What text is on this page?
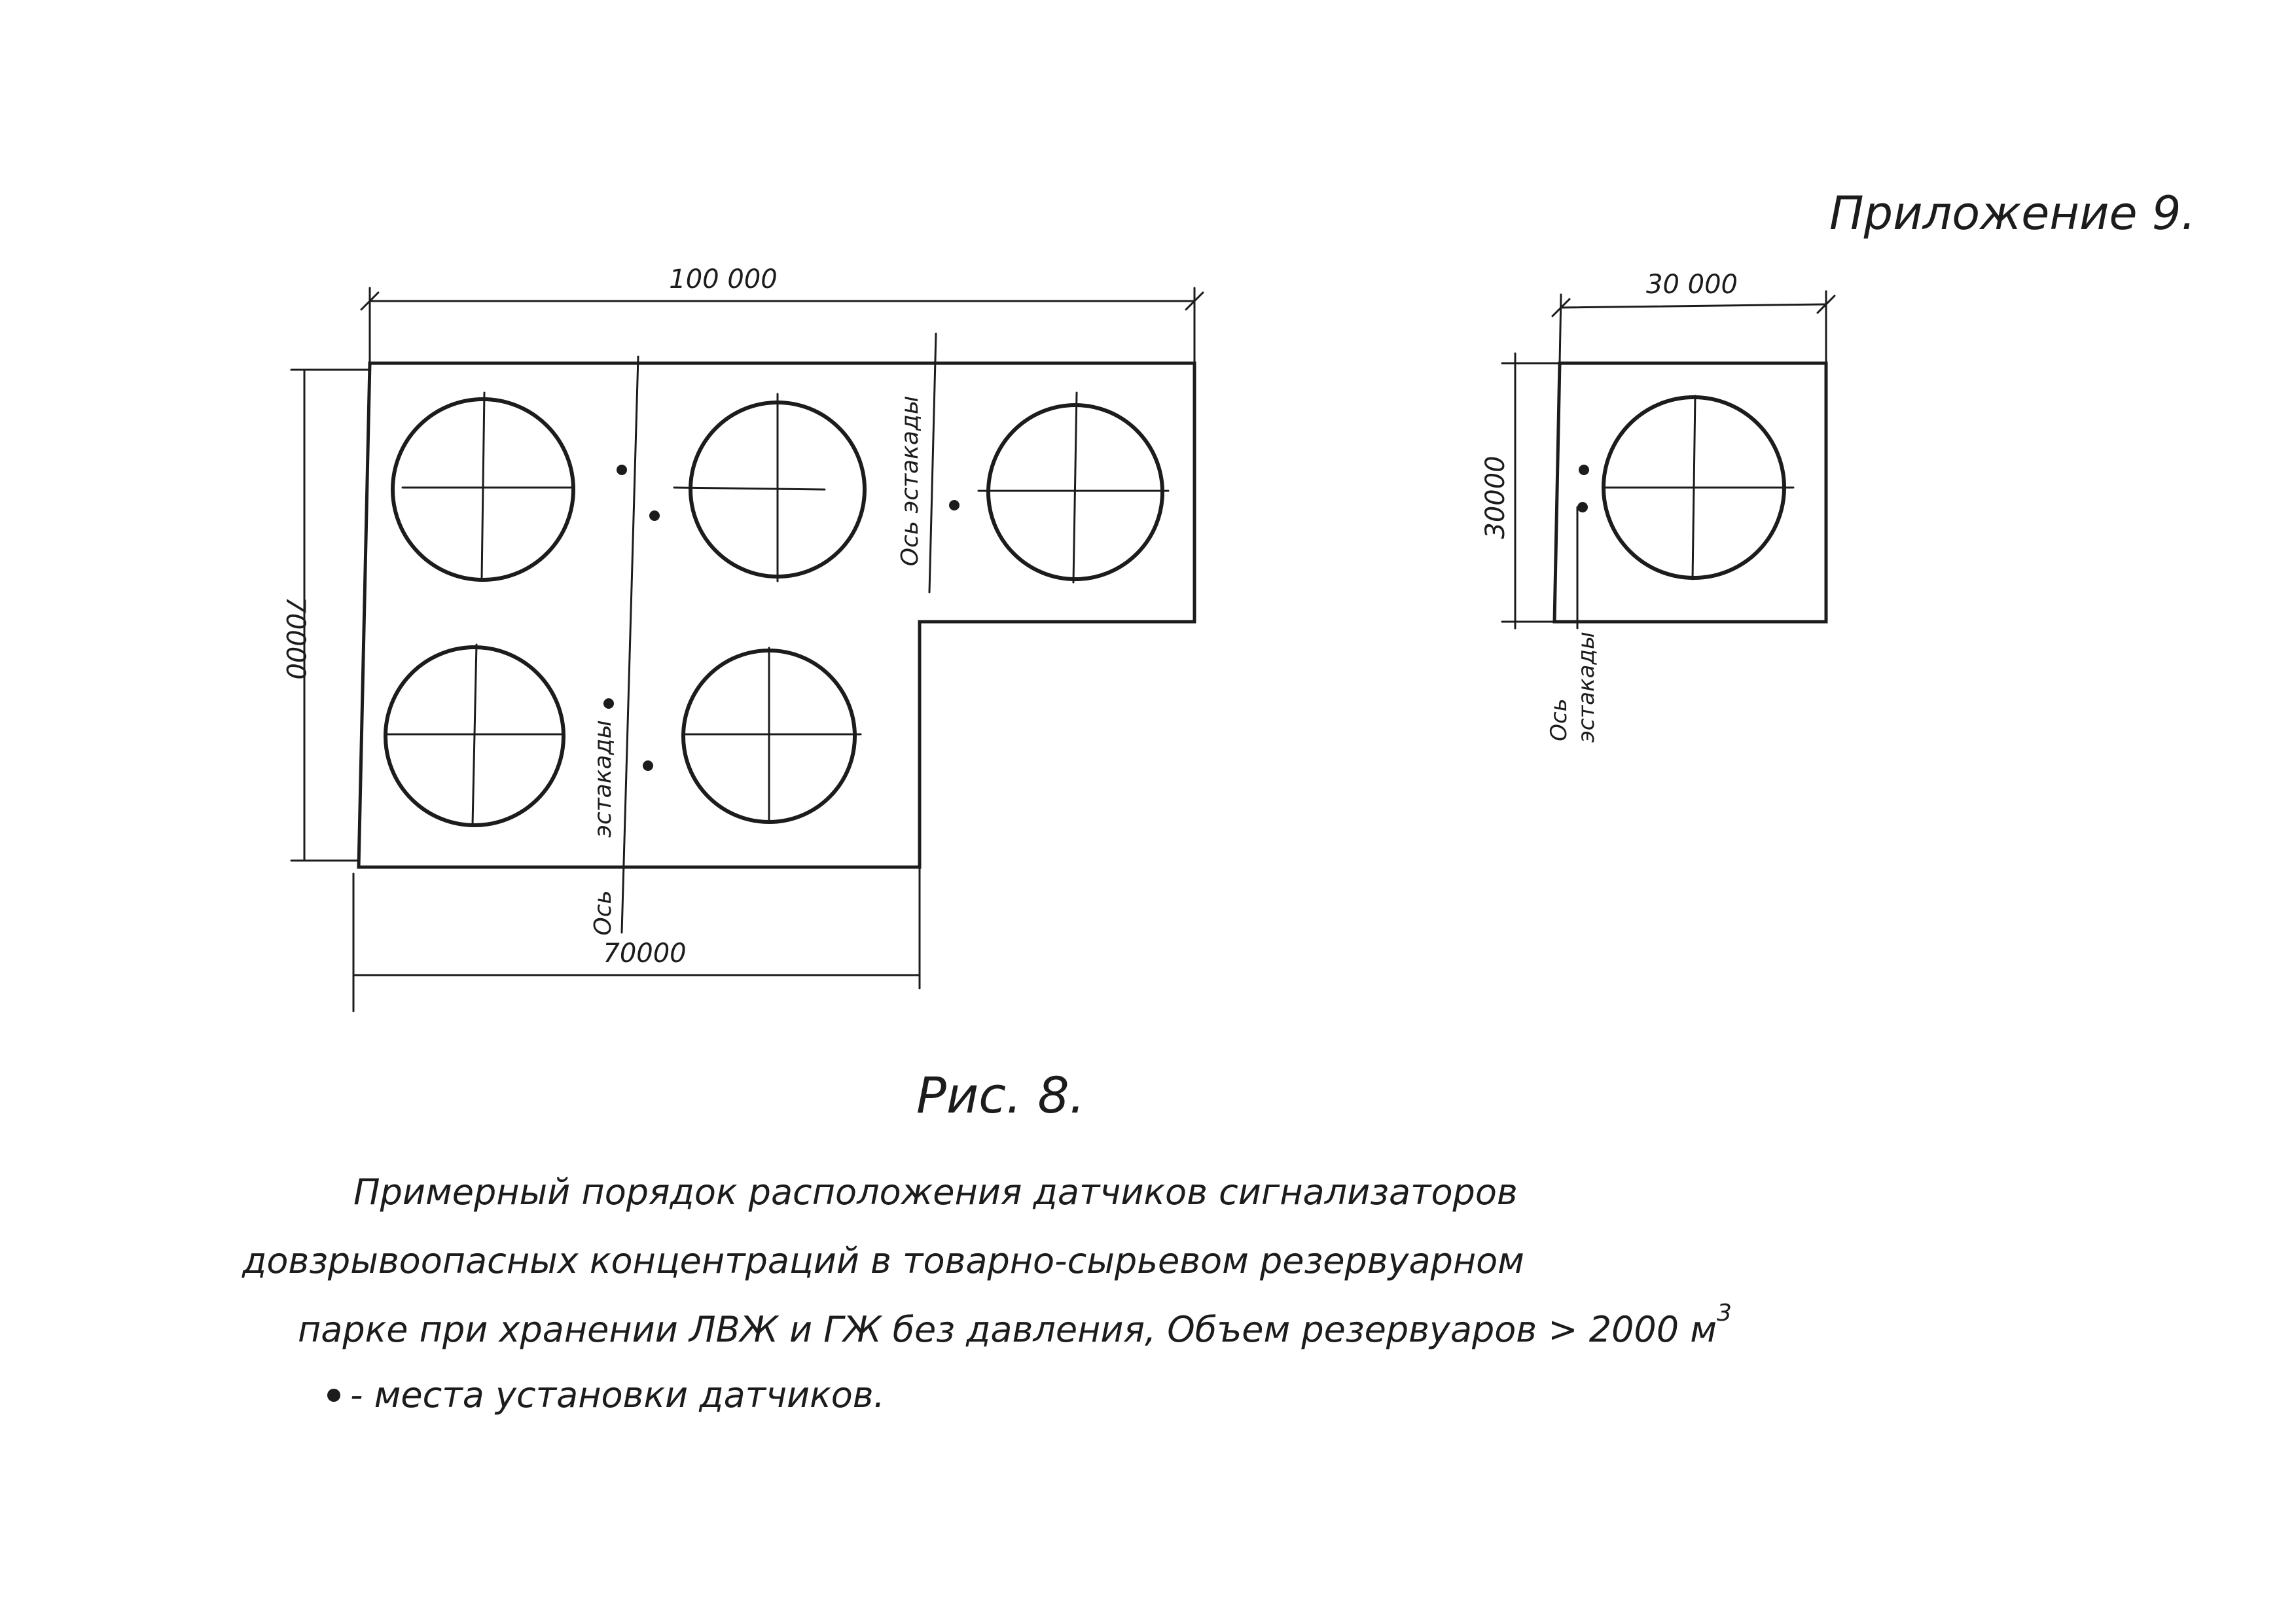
Приложение 9.
100 000
70000
70000
Ось эстакады
эстакады
Ось
30 000
30000
Ось эстакады
Рис. 8.
Примерный порядок расположения датчиков сигнализаторов
довзрывоопасных концентраций в товарно-сырьевом резервуарном
парке при хранении ЛВЖ и ГЖ без давления, Объем резервуаров > 2000 $м^3$
- места установки датчиков.
